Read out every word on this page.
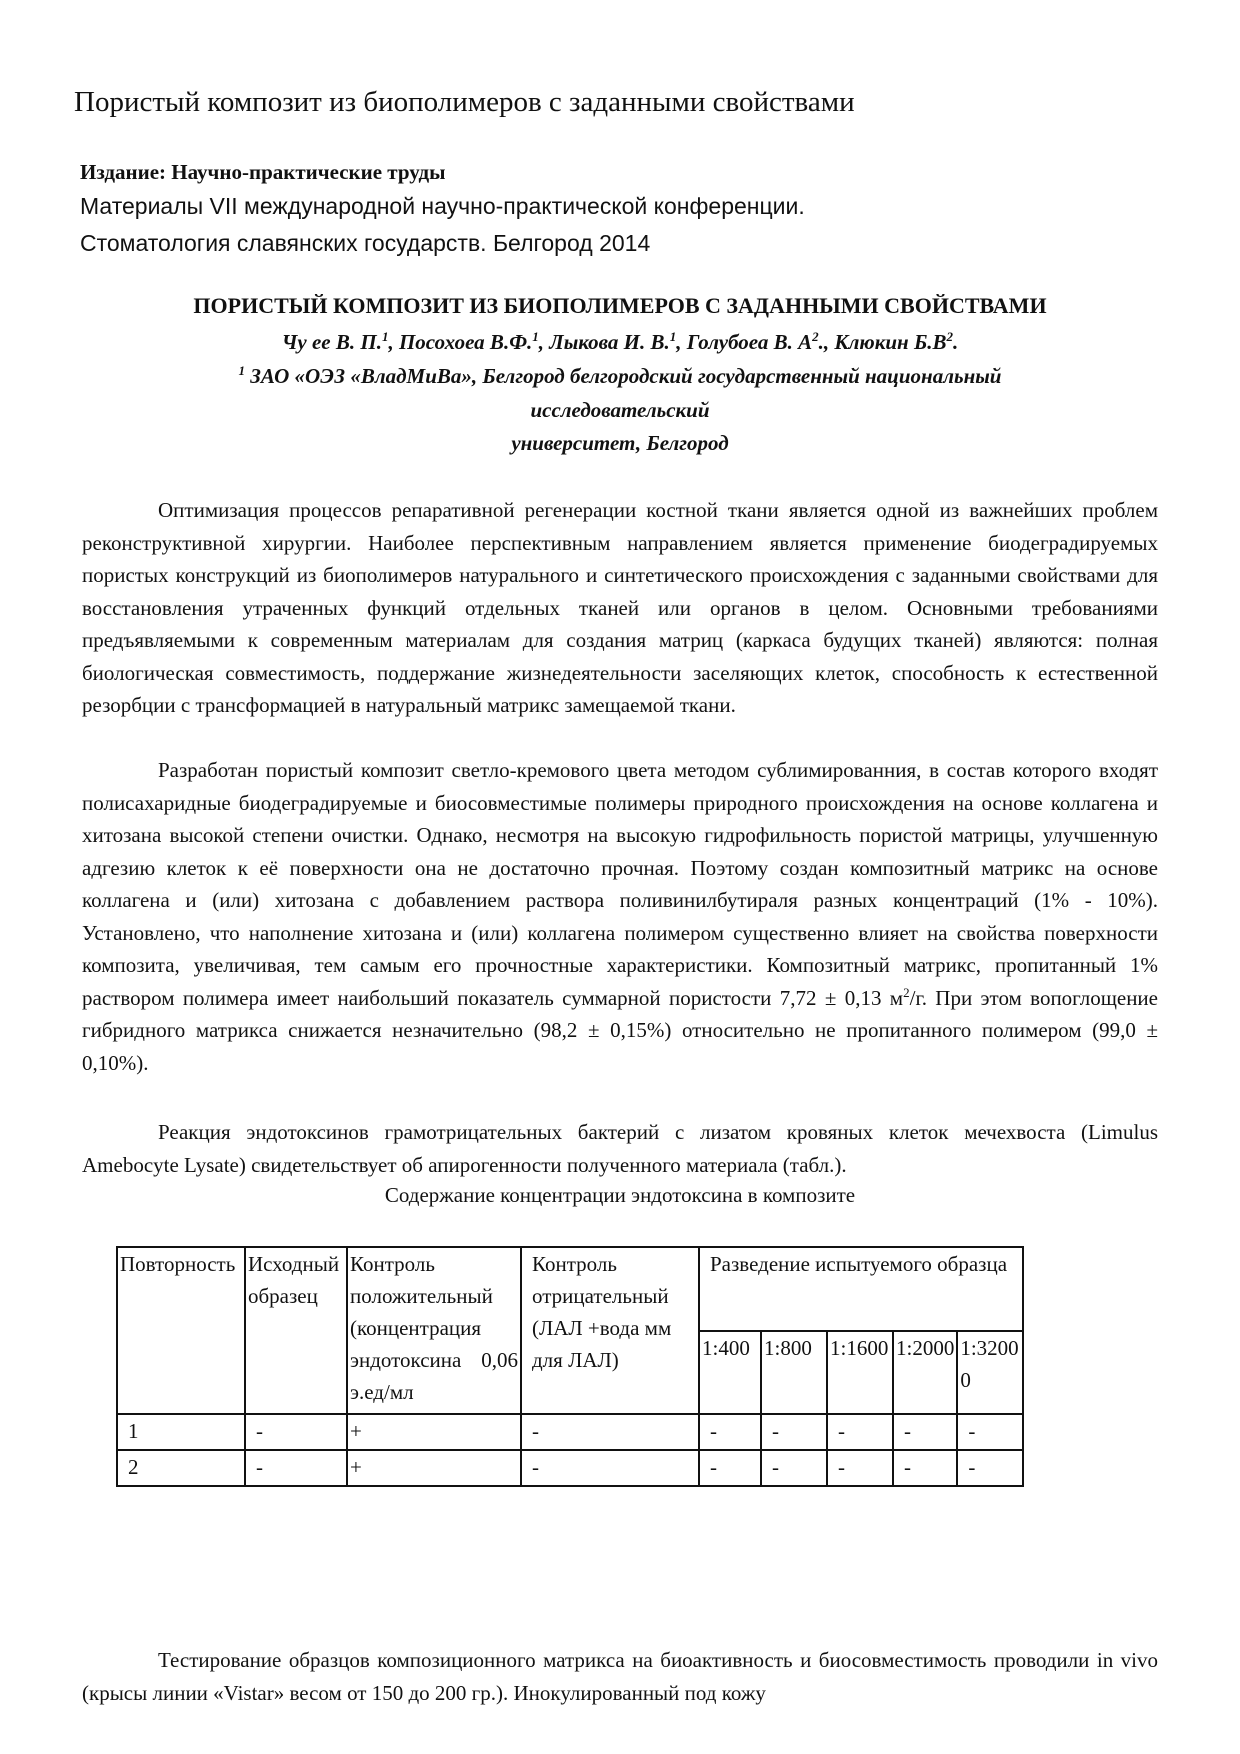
Пористый композит из биополимеров с заданными свойствами
Издание: Научно-практические труды
Материалы VII международной научно-практической конференции.
Стоматология славянских государств. Белгород 2014
ПОРИСТЫЙ КОМПОЗИТ ИЗ БИОПОЛИМЕРОВ С ЗАДАННЫМИ СВОЙСТВАМИ
Чу ее В. П.$^1$, Посохоеа В.Ф.$^1$, Лыкова И. В.$^1$, Голубоеа В. $А^2$., Клюкин $Б.В^2$.
$^1$ ЗАО «ОЭЗ «ВладМиВа», Белгород белгородский государственный национальный
исследовательский
университет, Белгород

Оптимизация процессов репаративной регенерации костной ткани является одной из важнейших проблем реконструктивной хирургии. Наиболее перспективным направлением является применение биодеградируемых пористых конструкций из биополимеров натурального и синтетического происхождения с заданными свойствами для восстановления утраченных функций отдельных тканей или органов в целом. Основными требованиями предъявляемыми к современным материалам для создания матриц (каркаса будущих тканей) являются: полная биологическая совместимость, поддержание жизнедеятельности заселяющих клеток, способность к естественной резорбции с трансформацией в натуральный матрикс замещаемой ткани.

Разработан пористый композит светло-кремового цвета методом сублимированния, в состав которого входят полисахаридные биодеградируемые и биосовместимые полимеры природного происхождения на основе коллагена и хитозана высокой степени очистки. Однако, несмотря на высокую гидрофильность пористой матрицы, улучшенную адгезию клеток к её поверхности она не достаточно прочная. Поэтому создан композитный матрикс на основе коллагена и (или) хитозана с добавлением раствора поливинилбутираля разных концентраций (1% - 10%). Установлено, что наполнение хитозана и (или) коллагена полимером существенно влияет на свойства поверхности композита, увеличивая, тем самым его прочностные характеристики. Композитный матрикс, пропитанный 1% раствором полимера имеет наибольший показатель суммарной пористости 7,72 ± 0,13 $м^2/г$. При этом вопоглощение гибридного матрикса снижается незначительно (98,2 ± 0,15%) относительно не пропитанного полимером (99,0 ± 0,10%).

Реакция эндотоксинов грамотрицательных бактерий с лизатом кровяных клеток мечехвоста (Limulus Amebocyte Lysate) свидетельствует об апирогенности полученного материала (табл.).

Содержание концентрации эндотоксина в композите
Повторность	Исходный образец	Контроль положительный (концентрация эндотоксина 0,06 э.ед/мл	Контроль отрицательный (ЛАЛ +вода мм для ЛАЛ)	Разведение испытуемого образца				
				1:400	1:800	1:1600	1:2000	1:3200 0
1	-	+	-	-	-	-	-	-
2	-	+	-	-	-	-	-	-

Тестирование образцов композиционного матрикса на биоактивность и биосовместимость проводили in vivo (крысы линии «Vistar» весом от 150 до 200 гр.). Инокулированный под кожу
